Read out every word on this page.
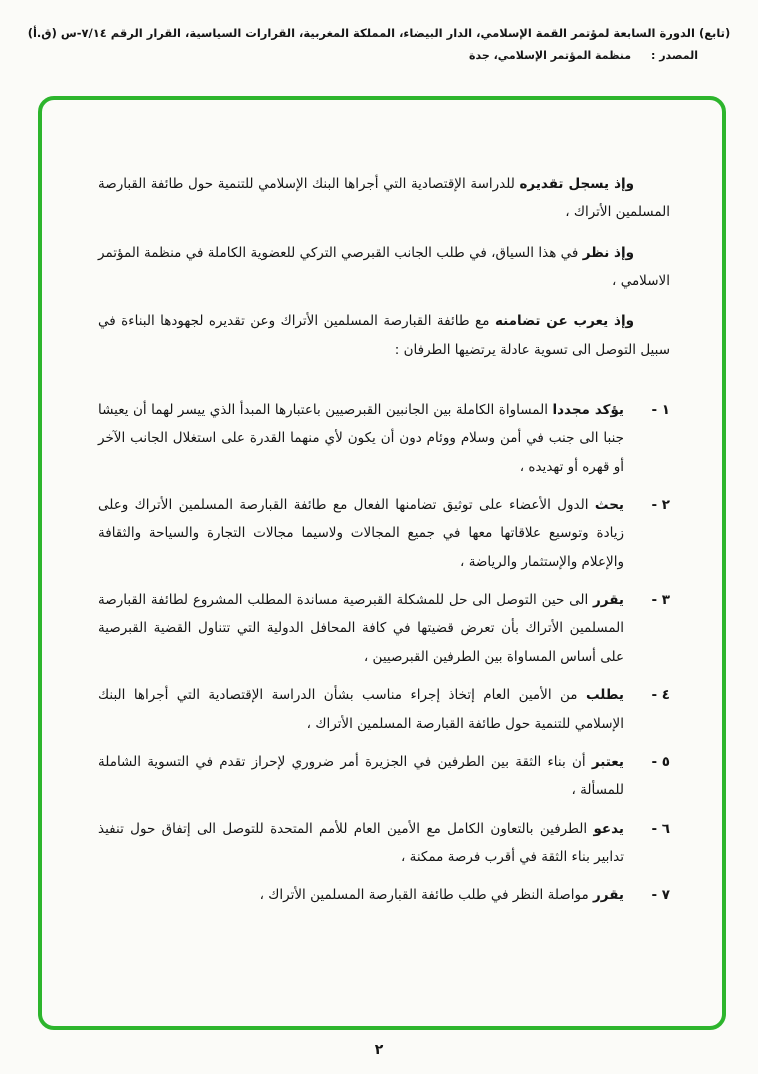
(تابع) الدورة السابعة لمؤتمر القمة الإسلامي، الدار البيضاء، المملكة المغربية، القرارات السياسية، القرار الرقم ٧/١٤-س (ق.أ)
المصدر : منظمة المؤتمر الإسلامي، جدة

وإذ يسجل تقديره للدراسة الإقتصادية التي أجراها البنك الإسلامي للتنمية حول طائفة القبارصة المسلمين الأتراك ،

وإذ نظر في هذا السياق، في طلب الجانب القبرصي التركي للعضوية الكاملة في منظمة المؤتمر الاسلامي ،

وإذ يعرب عن تضامنه مع طائفة القبارصة المسلمين الأتراك وعن تقديره لجهودها البناءة في سبيل التوصل الى تسوية عادلة يرتضيها الطرفان :

١ -
يؤكد مجددا المساواة الكاملة بين الجانبين القبرصيين باعتبارها المبدأ الذي ييسر لهما أن يعيشا جنبا الى جنب في أمن وسلام ووئام دون أن يكون لأي منهما القدرة على استغلال الجانب الآخر أو قهره أو تهديده ،
٢ -
يحث الدول الأعضاء على توثيق تضامنها الفعال مع طائفة القبارصة المسلمين الأتراك وعلى زيادة وتوسيع علاقاتها معها في جميع المجالات ولاسيما مجالات التجارة والسياحة والثقافة والإعلام والإستثمار والرياضة ،
٣ -
يقرر الى حين التوصل الى حل للمشكلة القبرصية مساندة المطلب المشروع لطائفة القبارصة المسلمين الأتراك بأن تعرض قضيتها في كافة المحافل الدولية التي تتناول القضية القبرصية على أساس المساواة بين الطرفين القبرصيين ،
٤ -
يطلب من الأمين العام إتخاذ إجراء مناسب بشأن الدراسة الإقتصادية التي أجراها البنك الإسلامي للتنمية حول طائفة القبارصة المسلمين الأتراك ،
٥ -
يعتبر أن بناء الثقة بين الطرفين في الجزيرة أمر ضروري لإحراز تقدم في التسوية الشاملة للمسألة ،
٦ -
يدعو الطرفين بالتعاون الكامل مع الأمين العام للأمم المتحدة للتوصل الى إتفاق حول تنفيذ تدابير بناء الثقة في أقرب فرصة ممكنة ،
٧ -
يقرر مواصلة النظر في طلب طائفة القبارصة المسلمين الأتراك ،
٢
